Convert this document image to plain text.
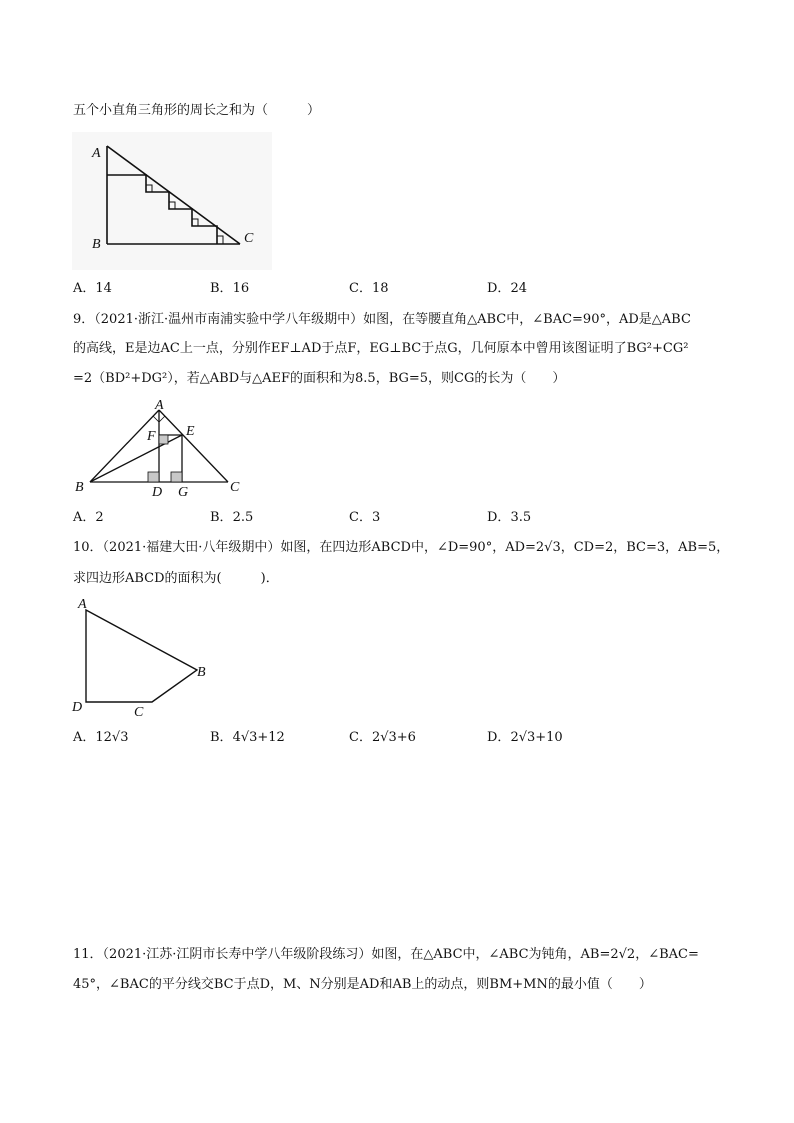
五个小直角三角形的周长之和为（　　　）
A
B	C
A．14	B．16	C．18	D．24
9．（2021·浙江·温州市南浦实验中学八年级期中）如图，在等腰直角△ABC中，∠BAC=90°，AD是△ABC
的高线，E是边AC上一点，分别作EF⊥AD于点F，EG⊥BC于点G，几何原本中曾用该图证明了BG²+CG²
=2（BD²+DG²），若△ABD与△AEF的面积和为8.5，BG=5，则CG的长为（　　）
A
B	C
D
E
F
G
A．2	B．2.5	C．3	D．3.5
10．（2021·福建大田·八年级期中）如图，在四边形ABCD中，∠D=90°，AD=2√3，CD=2，BC=3，AB=5，
求四边形ABCD的面积为(　　　)．
A
B
C
D
A．12√3	B．4√3+12	C．2√3+6	D．2√3+10
11．（2021·江苏·江阴市长寿中学八年级阶段练习）如图，在△ABC中，∠ABC为钝角，AB=2√2，∠BAC=
45°，∠BAC的平分线交BC于点D，M、N分别是AD和AB上的动点，则BM+MN的最小值（　　）
